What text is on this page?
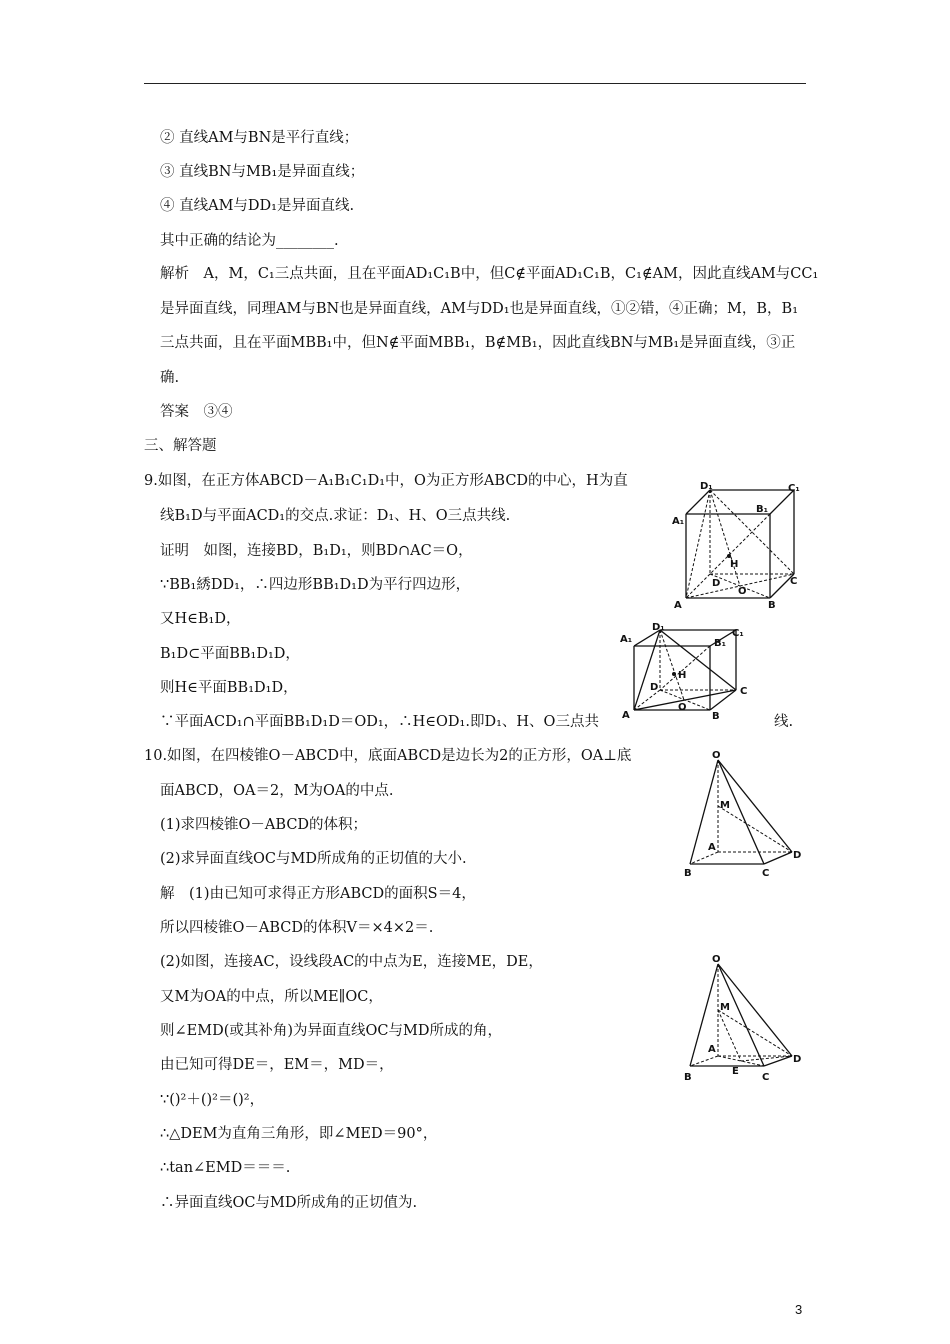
② 直线AM与BN是平行直线；
③ 直线BN与MB₁是异面直线；
④ 直线AM与DD₁是异面直线.
其中正确的结论为________.
解析　A，M，C₁三点共面，且在平面AD₁C₁B中，但C∉平面AD₁C₁B，C₁∉AM，因此直线AM与CC₁
是异面直线，同理AM与BN也是异面直线，AM与DD₁也是异面直线，①②错，④正确；M，B，B₁
三点共面，且在平面MBB₁中，但N∉平面MBB₁，B∉MB₁，因此直线BN与MB₁是异面直线，③正
确.
答案　③④
三、解答题
9.如图，在正方体ABCD－A₁B₁C₁D₁中，O为正方形ABCD的中心，H为直
线B₁D与平面ACD₁的交点.求证：D₁、H、O三点共线.
证明　如图，连接BD，B₁D₁，则BD∩AC＝O，
∵BB₁綉DD₁，∴四边形BB₁D₁D为平行四边形，
又H∈B₁D，
B₁D⊂平面BB₁D₁D，
则H∈平面BB₁D₁D，
∵平面ACD₁∩平面BB₁D₁D＝OD₁，∴H∈OD₁.即D₁、H、O三点共	线.
10.如图，在四棱锥O－ABCD中，底面ABCD是边长为2的正方形，OA⊥底
面ABCD，OA＝2，M为OA的中点.
(1)求四棱锥O－ABCD的体积；
(2)求异面直线OC与MD所成角的正切值的大小.
解　(1)由已知可求得正方形ABCD的面积S＝4，
所以四棱锥O－ABCD的体积V＝×4×2＝.
(2)如图，连接AC，设线段AC的中点为E，连接ME，DE，
又M为OA的中点，所以ME∥OC，
则∠EMD(或其补角)为异面直线OC与MD所成的角，
由已知可得DE＝，EM＝，MD＝，
∵()²＋()²＝()²，
∴△DEM为直角三角形，即∠MED＝90°，
∴tan∠EMD＝＝＝.
∴异面直线OC与MD所成角的正切值为.
D₁	C₁
A₁
B₁
H
D	C
A
O
B
D₁
C₁
A₁	B₁
H
D	C
A
O
B
O
M
A
B	C
D
O
M
A
B
E
C
D
3
